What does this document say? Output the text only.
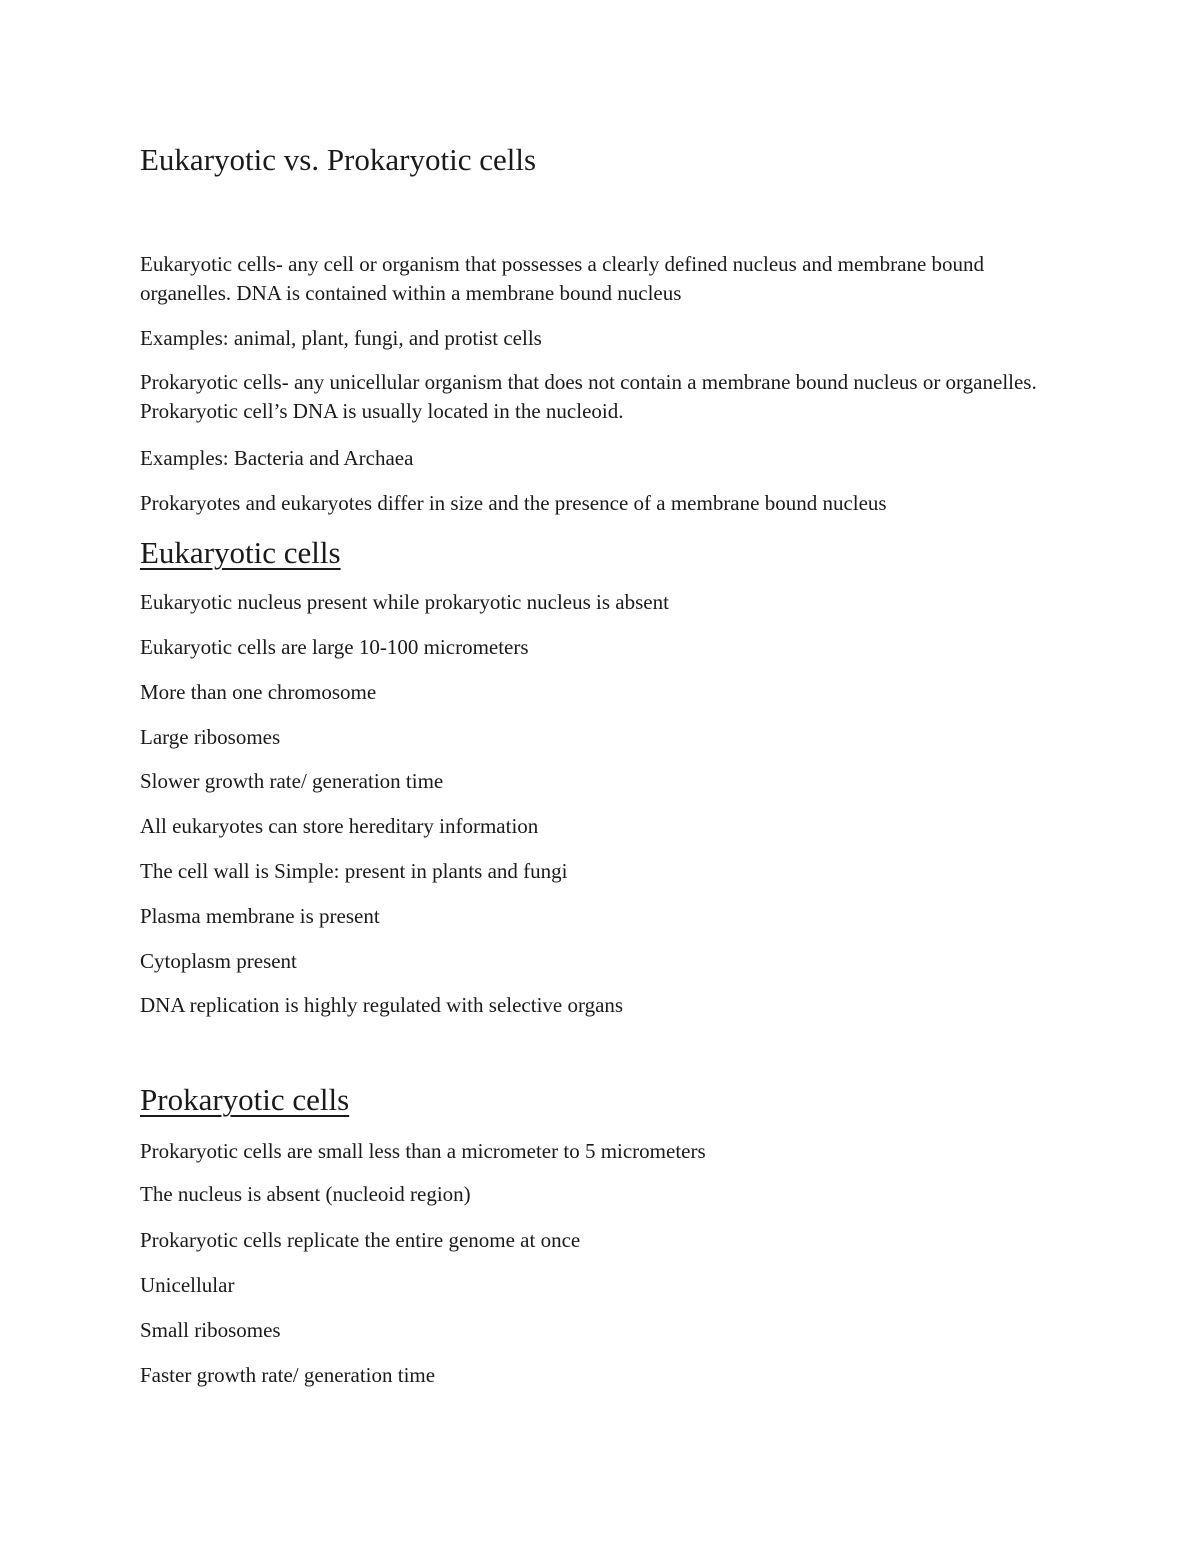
Eukaryotic vs. Prokaryotic cells

Eukaryotic cells- any cell or organism that possesses a clearly defined nucleus and membrane bound organelles. DNA is contained within a membrane bound nucleus

Examples: animal, plant, fungi, and protist cells

Prokaryotic cells- any unicellular organism that does not contain a membrane bound nucleus or organelles. Prokaryotic cell’s DNA is usually located in the nucleoid.

Examples: Bacteria and Archaea

Prokaryotes and eukaryotes differ in size and the presence of a membrane bound nucleus

Eukaryotic cells

Eukaryotic nucleus present while prokaryotic nucleus is absent

Eukaryotic cells are large 10-100 micrometers

More than one chromosome

Large ribosomes

Slower growth rate/ generation time

All eukaryotes can store hereditary information

The cell wall is Simple: present in plants and fungi

Plasma membrane is present

Cytoplasm present

DNA replication is highly regulated with selective organs

Prokaryotic cells

Prokaryotic cells are small less than a micrometer to 5 micrometers

The nucleus is absent (nucleoid region)

Prokaryotic cells replicate the entire genome at once

Unicellular

Small ribosomes

Faster growth rate/ generation time
